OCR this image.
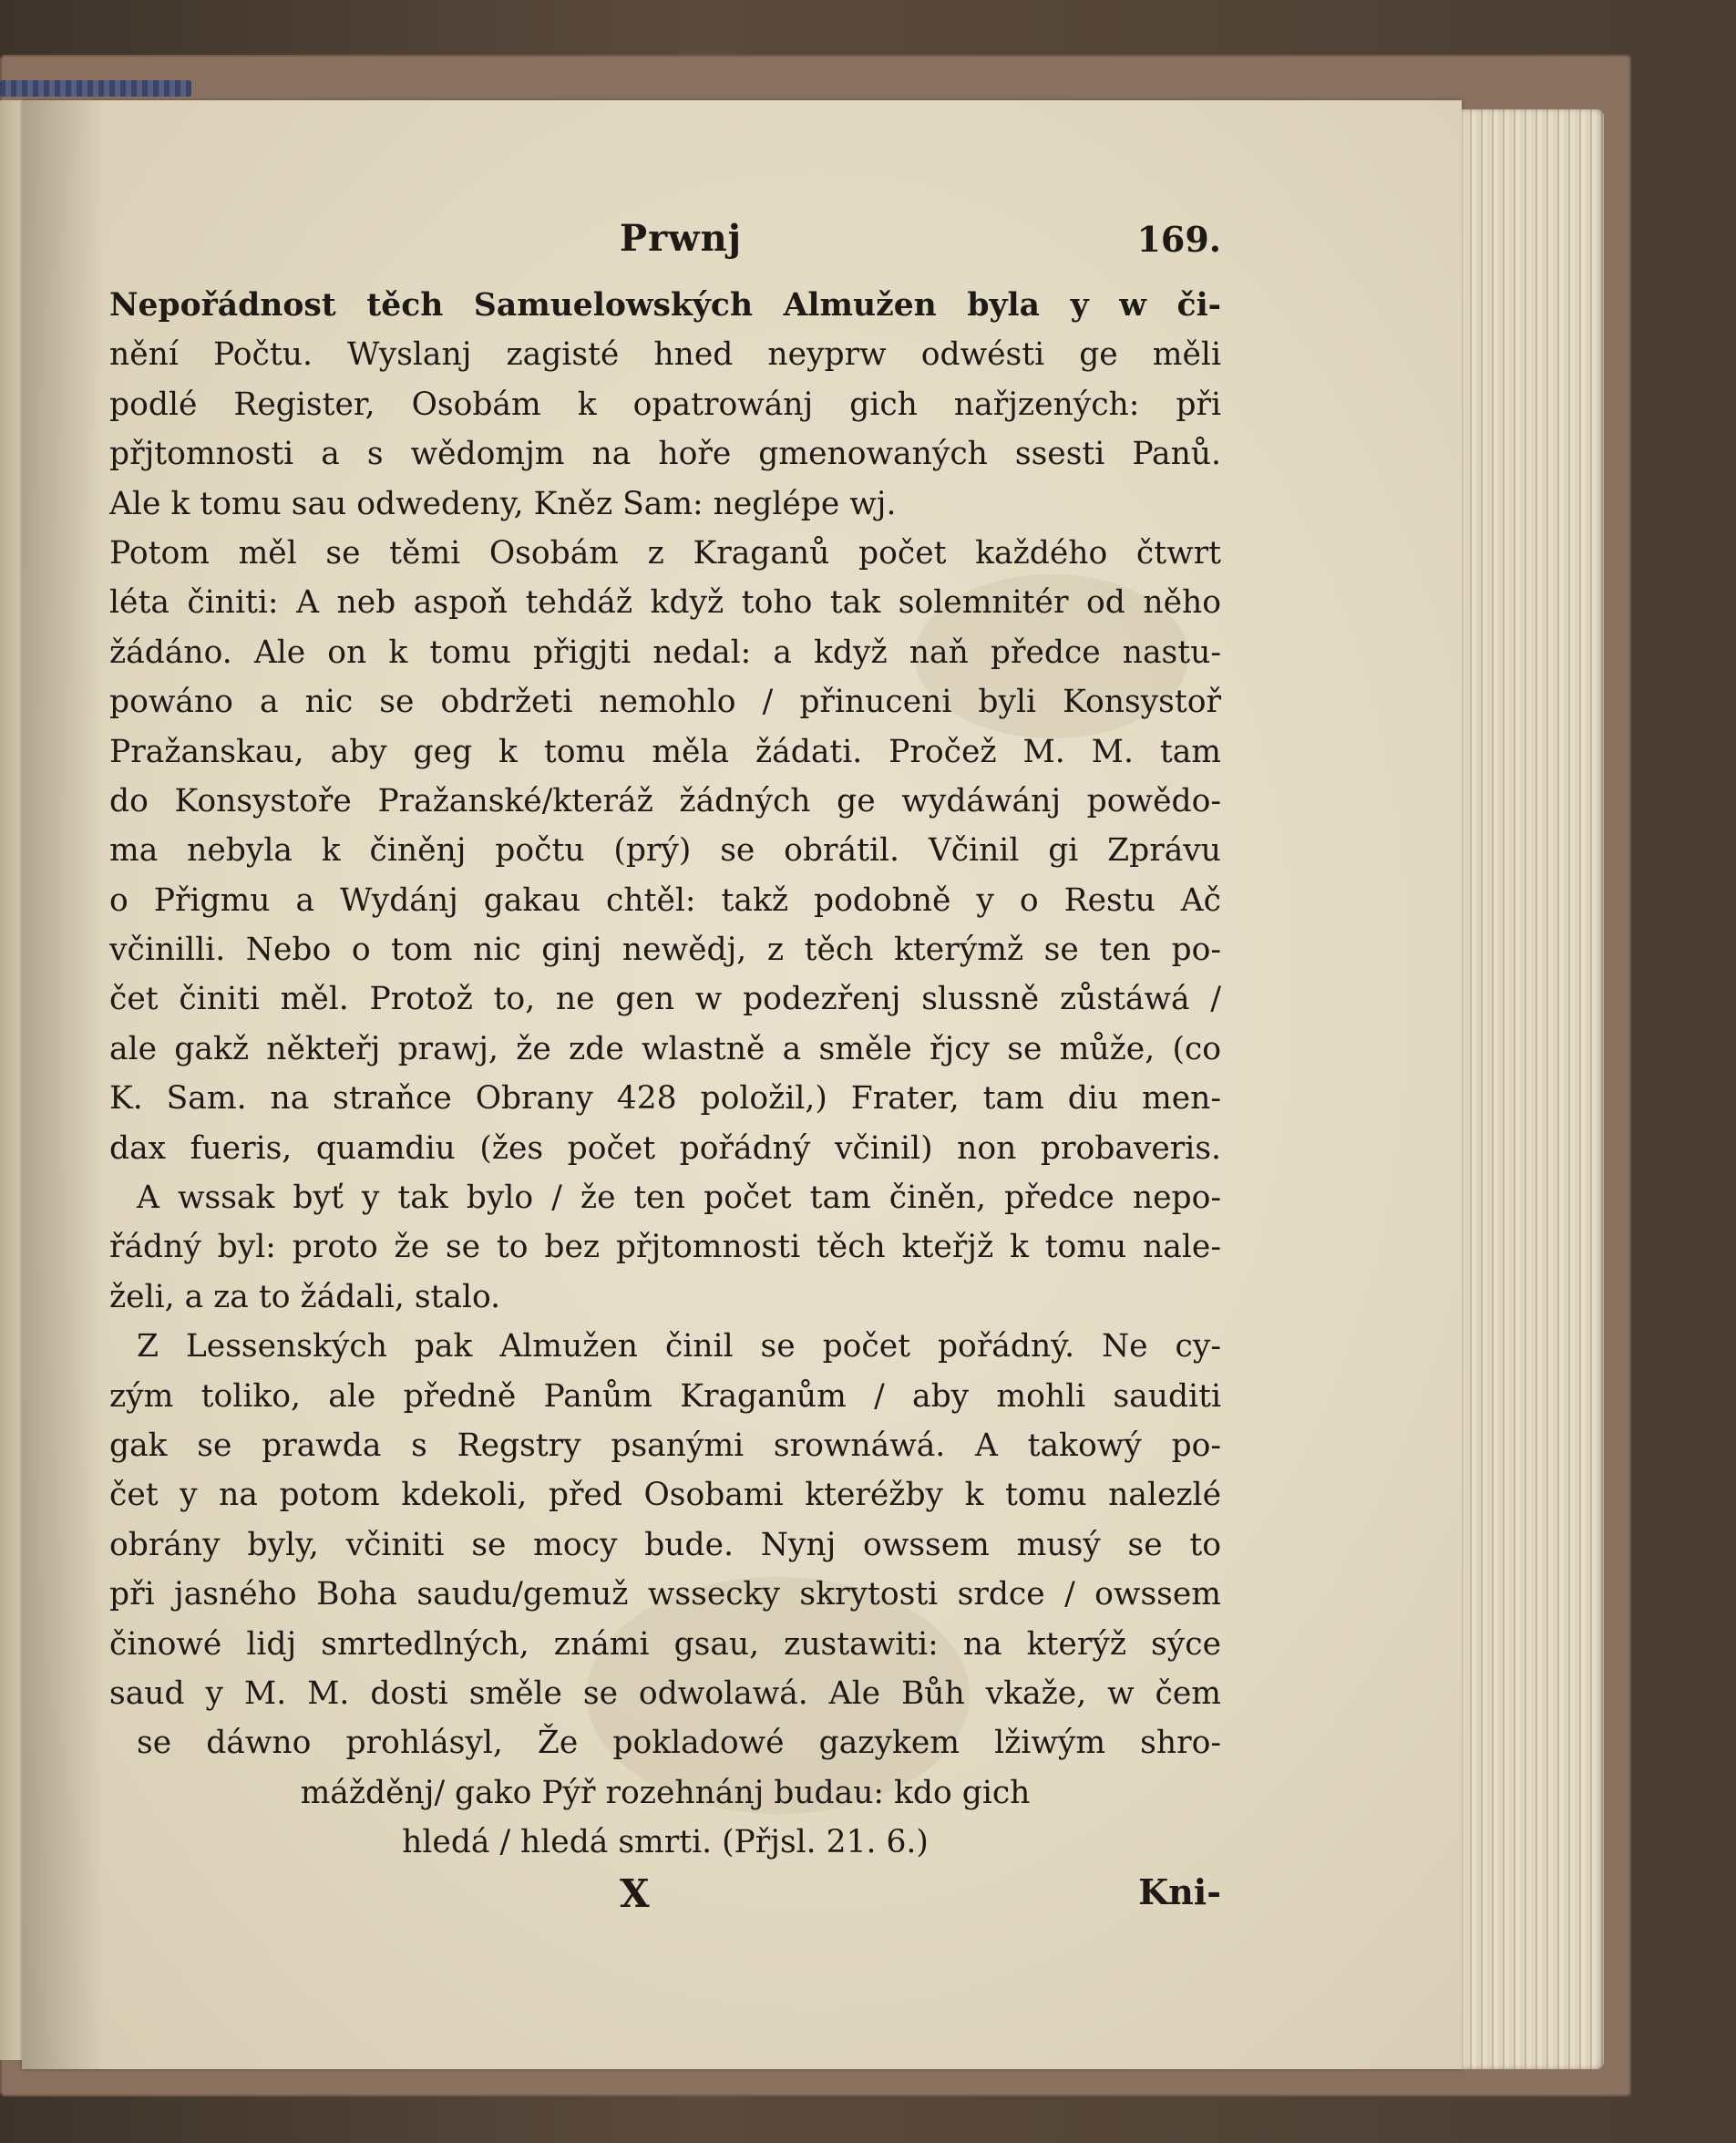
Prwnj	169.
Nepořádnost těch Samuelowských Almužen byla y w či-
nění Počtu. Wyslanj zagisté hned neyprw odwésti ge měli
podlé Register, Osobám k opatrowánj gich nařjzených: při
přjtomnosti a s wědomjm na hoře gmenowaných ssesti Panů.
Ale k tomu sau odwedeny, Kněz Sam: neglépe wj.
Potom měl se těmi Osobám z Kraganů počet každého čtwrt
léta činiti: A neb aspoň tehdáž když toho tak solemnitér od něho
žádáno. Ale on k tomu přigjti nedal: a když naň předce nastu-
powáno a nic se obdržeti nemohlo / přinuceni byli Konsystoř
Pražanskau, aby geg k tomu měla žádati. Pročež M. M. tam
do Konsystoře Pražanské/kteráž žádných ge wydáwánj powědo-
ma nebyla k činěnj počtu (prý) se obrátil. Včinil gi Zprávu
o Přigmu a Wydánj gakau chtěl: takž podobně y o Restu Ač
včinilli. Nebo o tom nic ginj newědj, z těch kterýmž se ten po-
čet činiti měl. Protož to, ne gen w podezřenj slussně zůstáwá /
ale gakž někteřj prawj, že zde wlastně a směle řjcy se může, (co
K. Sam. na straňce Obrany 428 položil,) Frater, tam diu men-
dax fueris, quamdiu (žes počet pořádný včinil) non probaveris.
A wssak byť y tak bylo / že ten počet tam činěn, předce nepo-
řádný byl: proto že se to bez přjtomnosti těch kteřjž k tomu nale-
želi, a za to žádali, stalo.
Z Lessenských pak Almužen činil se počet pořádný. Ne cy-
zým toliko, ale předně Panům Kraganům / aby mohli sauditi
gak se prawda s Regstry psanými srownáwá. A takowý po-
čet y na potom kdekoli, před Osobami kteréžby k tomu nalezlé
obrány byly, včiniti se mocy bude. Nynj owssem musý se to
při jasného Boha saudu/gemuž wssecky skrytosti srdce / owssem
činowé lidj smrtedlných, známi gsau, zustawiti: na kterýž sýce
saud y M. M. dosti směle se odwolawá. Ale Bůh vkaže, w čem
se dáwno prohlásyl, Že pokladowé gazykem lžiwým shro-
mážděnj/ gako Pýř rozehnánj budau: kdo gich
hledá / hledá smrti. (Přjsl. 21. 6.)
X	Kni-
